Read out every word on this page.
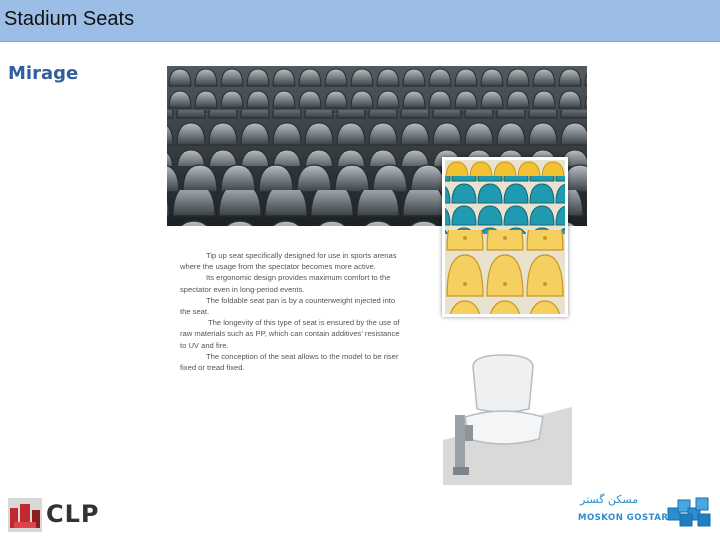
Stadium Seats
Mirage

Tip up seat specifically designed for use in sports arenas

where the usage from the spectator becomes more active.

Its ergonomic design provides maximum comfort to the

spectator even in long-period events.

The foldable seat pan is by a counterweight injected into

the seat.

The longevity of this type of seat is ensured by the use of

raw materials such as PP, which can contain additives' resistance

to UV and fire.

The conception of the seat allows to the model to be riser

fixed or tread fixed.

CLP
مسکن گستر
MOSKON GOSTAR
